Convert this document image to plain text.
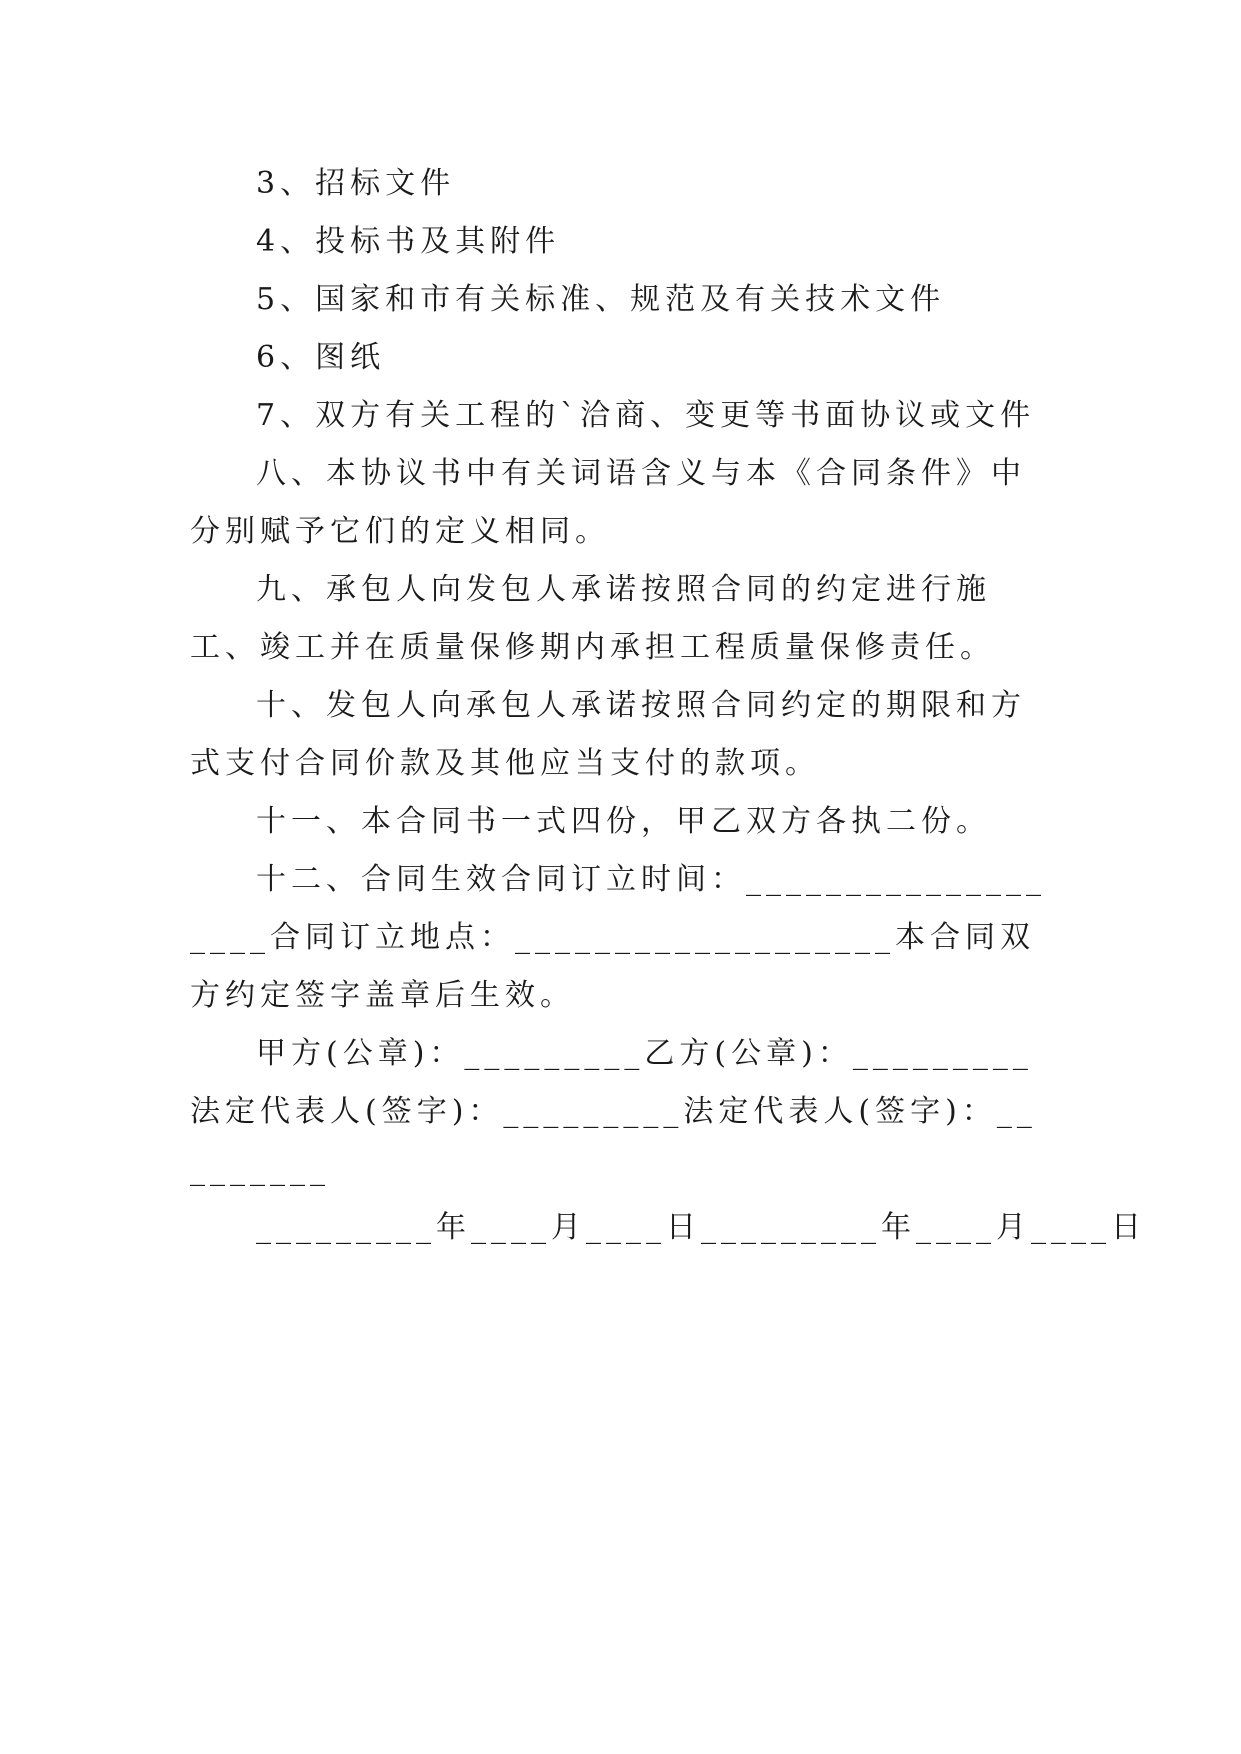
3、招标文件

4、投标书及其附件

5、国家和市有关标准、规范及有关技术文件

6、图纸

7、双方有关工程的`洽商、变更等书面协议或文件

八、本协议书中有关词语含义与本《合同条件》中分别赋予它们的定义相同。

九、承包人向发包人承诺按照合同的约定进行施工、竣工并在质量保修期内承担工程质量保修责任。

十、发包人向承包人承诺按照合同约定的期限和方式支付合同价款及其他应当支付的款项。

十一、本合同书一式四份，甲乙双方各执二份。

十二、合同生效合同订立时间：___________________合同订立地点：___________________本合同双方约定签字盖章后生效。

甲方(公章)：_________乙方(公章)：_________法定代表人(签字)：_________法定代表人(签字)：_________

_________年____月____日_________年____月____日
